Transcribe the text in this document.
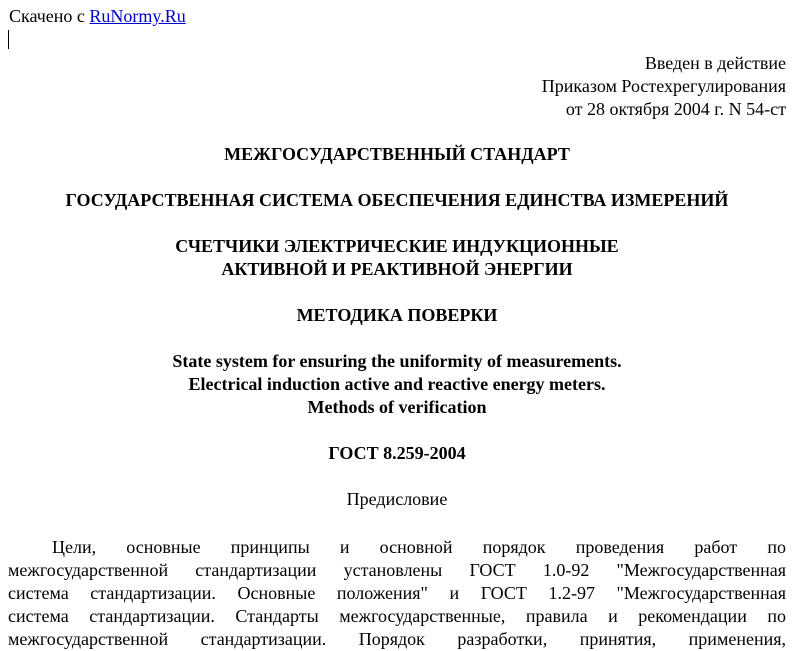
Скачено с RuNormy.Ru
Введен в действие
Приказом Ростехрегулирования
от 28 октября 2004 г. N 54-ст
МЕЖГОСУДАРСТВЕННЫЙ СТАНДАРТ
ГОСУДАРСТВЕННАЯ СИСТЕМА ОБЕСПЕЧЕНИЯ ЕДИНСТВА ИЗМЕРЕНИЙ
СЧЕТЧИКИ ЭЛЕКТРИЧЕСКИЕ ИНДУКЦИОННЫЕ
АКТИВНОЙ И РЕАКТИВНОЙ ЭНЕРГИИ
МЕТОДИКА ПОВЕРКИ
State system for ensuring the uniformity of measurements.
Electrical induction active and reactive energy meters.
Methods of verification
ГОСТ 8.259-2004
Предисловие
Цели, основные принципы и основной порядок проведения работ по
межгосударственной стандартизации установлены ГОСТ 1.0-92 "Межгосударственная
система стандартизации. Основные положения" и ГОСТ 1.2-97 "Межгосударственная
система стандартизации. Стандарты межгосударственные, правила и рекомендации по
межгосударственной стандартизации. Порядок разработки, принятия, применения,
